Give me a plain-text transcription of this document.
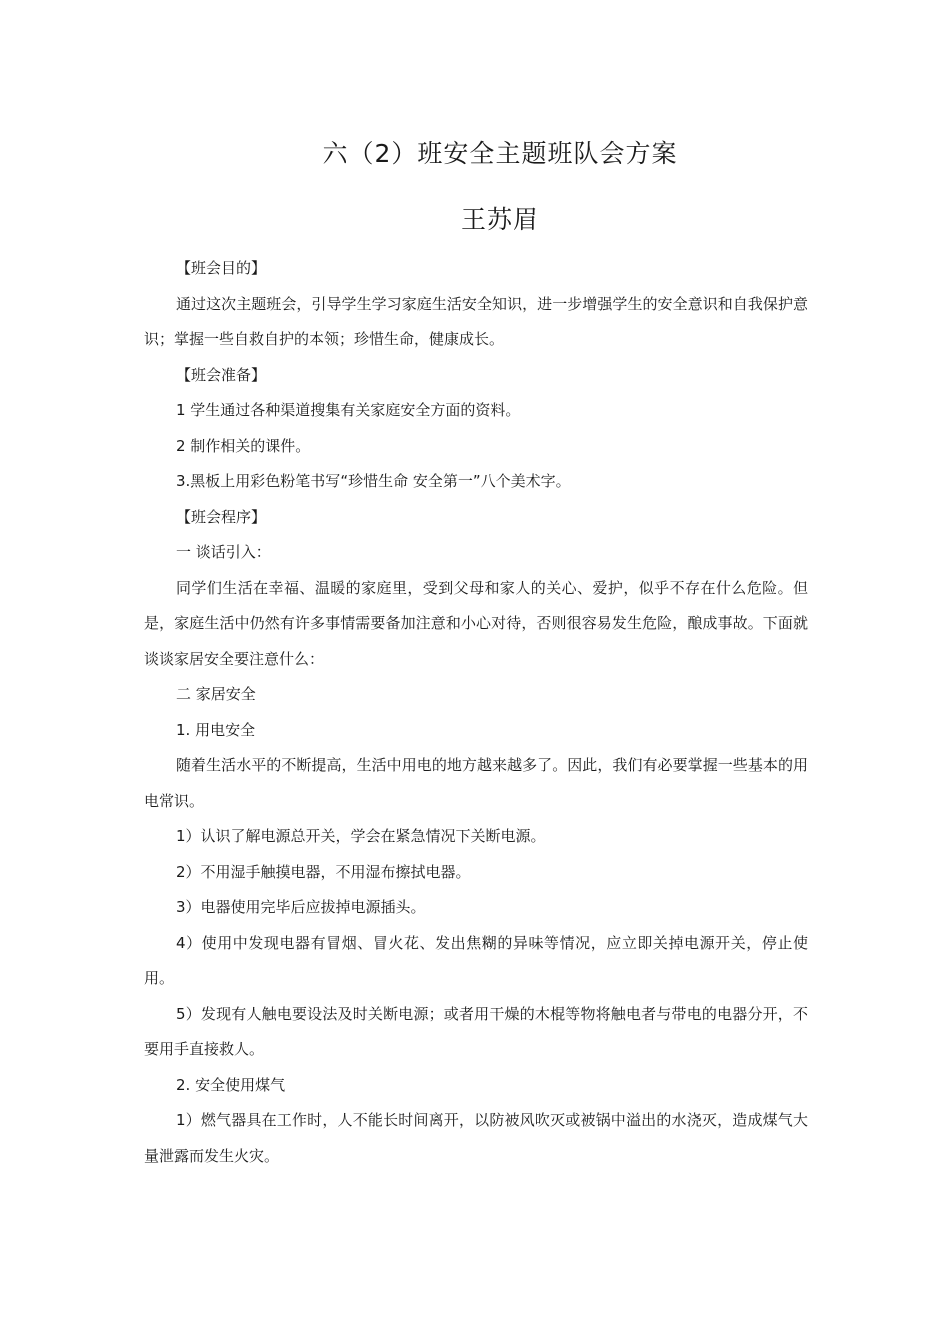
六（2）班安全主题班队会方案
王苏眉

【班会目的】

通过这次主题班会，引导学生学习家庭生活安全知识，进一步增强学生的安全意识和自我保护意识；掌握一些自救自护的本领；珍惜生命，健康成长。

【班会准备】

1 学生通过各种渠道搜集有关家庭安全方面的资料。

2 制作相关的课件。

3.黑板上用彩色粉笔书写“珍惜生命 安全第一”八个美术字。

【班会程序】

一 谈话引入：

同学们生活在幸福、温暖的家庭里，受到父母和家人的关心、爱护，似乎不存在什么危险。但是，家庭生活中仍然有许多事情需要备加注意和小心对待，否则很容易发生危险，酿成事故。下面就谈谈家居安全要注意什么：

二 家居安全

1. 用电安全

随着生活水平的不断提高，生活中用电的地方越来越多了。因此，我们有必要掌握一些基本的用电常识。

1）认识了解电源总开关，学会在紧急情况下关断电源。

2）不用湿手触摸电器，不用湿布擦拭电器。

3）电器使用完毕后应拔掉电源插头。

4）使用中发现电器有冒烟、冒火花、发出焦糊的异味等情况，应立即关掉电源开关，停止使用。

5）发现有人触电要设法及时关断电源；或者用干燥的木棍等物将触电者与带电的电器分开，不要用手直接救人。

2. 安全使用煤气

1）燃气器具在工作时，人不能长时间离开，以防被风吹灭或被锅中溢出的水浇灭，造成煤气大量泄露而发生火灾。
